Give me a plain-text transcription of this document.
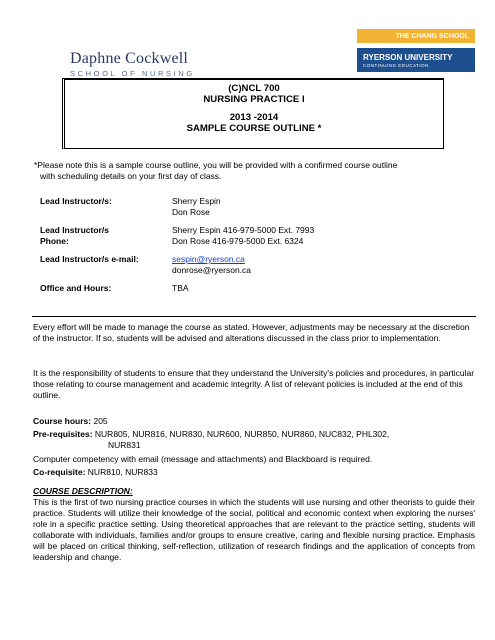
Daphne Cockwell
SCHOOL OF NURSING
THE CHANG SCHOOL
RYERSON UNIVERSITY
CONTINUING EDUCATION
(C)NCL 700
NURSING PRACTICE I
2013 -2014
SAMPLE COURSE OUTLINE *
*Please note this is a sample course outline, you will be provided with a confirmed course outline
with scheduling details on your first day of class.
Lead Instructor/s:	Sherry Espin
Don Rose
Lead Instructor/s	Sherry Espin 416-979-5000 Ext. 7993
Phone:	Don Rose 416-979-5000 Ext. 6324
Lead Instructor/s e-mail:	sespin@ryerson.ca
donrose@ryerson.ca
Office and Hours:	TBA
Every effort will be made to manage the course as stated. However, adjustments may be necessary at the discretion of the instructor. If so, students will be advised and alterations discussed in the class prior to implementation.
It is the responsibility of students to ensure that they understand the University's policies and procedures, in particular those relating to course management and academic integrity. A list of relevant policies is included at the end of this outline.
Course hours: 205
Pre-requisites: NUR805, NUR816, NUR830, NUR600, NUR850, NUR860, NUC832, PHL302,
NUR831
Computer competency with email (message and attachments) and Blackboard is required.
Co-requisite: NUR810, NUR833
COURSE DESCRIPTION:
This is the first of two nursing practice courses in which the students will use nursing and other theorists to guide their practice. Students will utilize their knowledge of the social, political and economic context when exploring the nurses' role in a specific practice setting. Using theoretical approaches that are relevant to the practice setting, students will collaborate with individuals, families and/or groups to ensure creative, caring and flexible nursing practice. Emphasis will be placed on critical thinking, self-reflection, utilization of research findings and the application of concepts from leadership and change.
